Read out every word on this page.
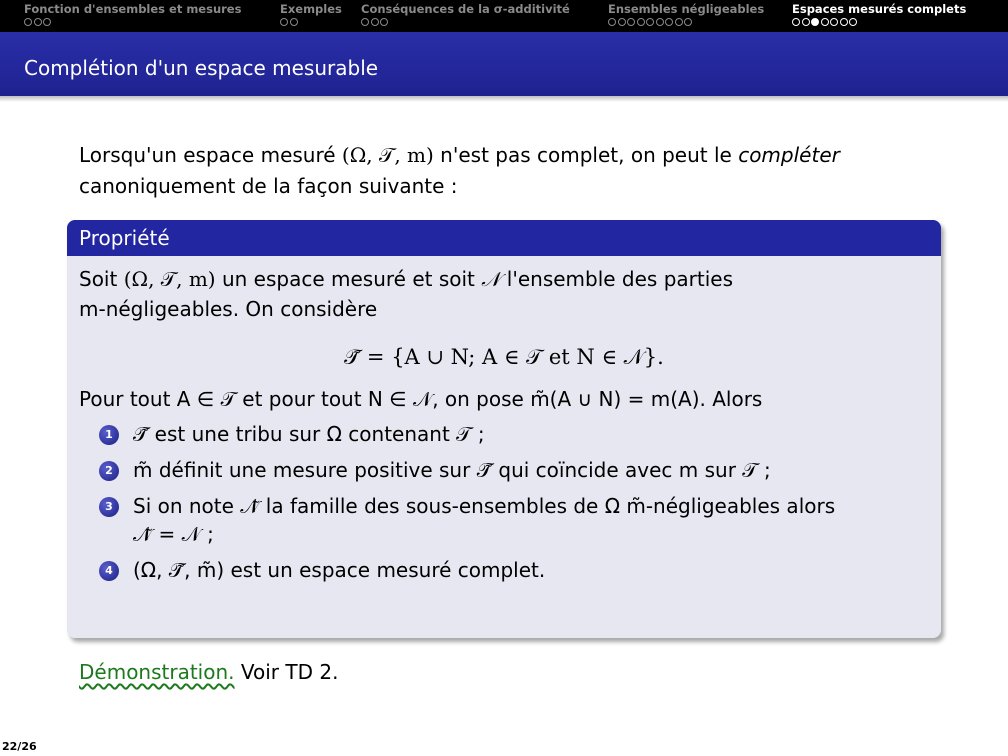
Fonction d'ensembles et mesures	Exemples Conséquences de la σ-additivité	Ensembles négligeables Espaces mesurés complets
Complétion d'un espace mesurable
Lorsqu'un espace mesuré (Ω, 𝒯, m) n'est pas complet, on peut le compléter
canoniquement de la façon suivante :
Propriété
Soit (Ω, 𝒯, m) un espace mesuré et soit 𝒩 l'ensemble des parties
m-négligeables. On considère
𝒯̃ = {A ∪ N; A ∈ 𝒯 et N ∈ 𝒩}.
Pour tout A ∈ 𝒯 et pour tout N ∈ 𝒩, on pose m̃(A ∪ N) = m(A). Alors
1	𝒯̃ est une tribu sur Ω contenant 𝒯 ;
2	m̃ définit une mesure positive sur 𝒯̃ qui coïncide avec m sur 𝒯 ;
3	Si on note 𝒩̃ la famille des sous-ensembles de Ω m̃-négligeables alors
𝒩̃ = 𝒩 ;
4	(Ω, 𝒯̃, m̃) est un espace mesuré complet.
Démonstration. Voir TD 2.
22/26
